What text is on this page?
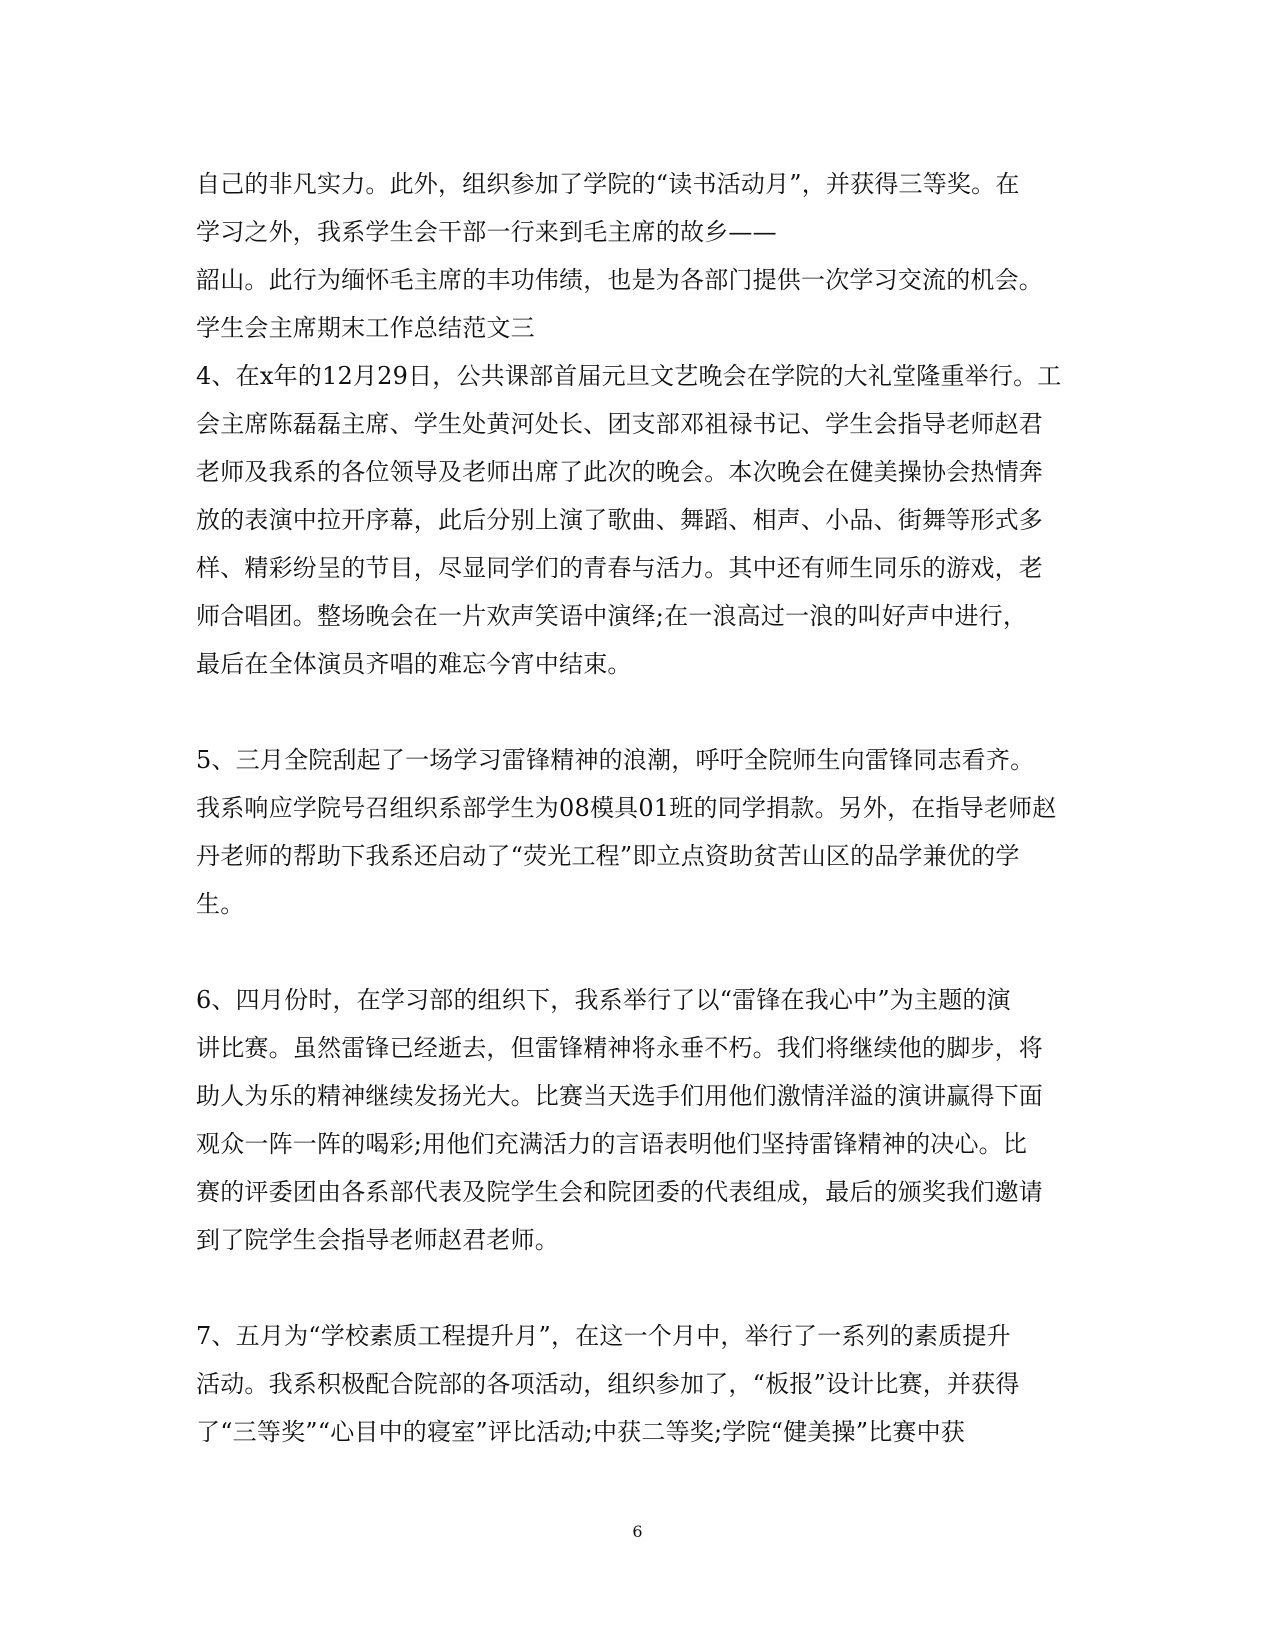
自己的非凡实力。此外，组织参加了学院的“读书活动月”，并获得三等奖。在
学习之外，我系学生会干部一行来到毛主席的故乡——
韶山。此行为缅怀毛主席的丰功伟绩，也是为各部门提供一次学习交流的机会。
学生会主席期末工作总结范文三
4、在x年的12月29日，公共课部首届元旦文艺晚会在学院的大礼堂隆重举行。工
会主席陈磊磊主席、学生处黄河处长、团支部邓祖禄书记、学生会指导老师赵君
老师及我系的各位领导及老师出席了此次的晚会。本次晚会在健美操协会热情奔
放的表演中拉开序幕，此后分别上演了歌曲、舞蹈、相声、小品、街舞等形式多
样、精彩纷呈的节目，尽显同学们的青春与活力。其中还有师生同乐的游戏，老
师合唱团。整场晚会在一片欢声笑语中演绎;在一浪高过一浪的叫好声中进行，
最后在全体演员齐唱的难忘今宵中结束。
5、三月全院刮起了一场学习雷锋精神的浪潮，呼吁全院师生向雷锋同志看齐。
我系响应学院号召组织系部学生为08模具01班的同学捐款。另外，在指导老师赵
丹老师的帮助下我系还启动了“荧光工程”即立点资助贫苦山区的品学兼优的学
生。
6、四月份时，在学习部的组织下，我系举行了以“雷锋在我心中”为主题的演
讲比赛。虽然雷锋已经逝去，但雷锋精神将永垂不朽。我们将继续他的脚步，将
助人为乐的精神继续发扬光大。比赛当天选手们用他们激情洋溢的演讲赢得下面
观众一阵一阵的喝彩;用他们充满活力的言语表明他们坚持雷锋精神的决心。比
赛的评委团由各系部代表及院学生会和院团委的代表组成，最后的颁奖我们邀请
到了院学生会指导老师赵君老师。
7、五月为“学校素质工程提升月”，在这一个月中，举行了一系列的素质提升
活动。我系积极配合院部的各项活动，组织参加了，“板报”设计比赛，并获得
了“三等奖”“心目中的寝室”评比活动;中获二等奖;学院“健美操”比赛中获
6
